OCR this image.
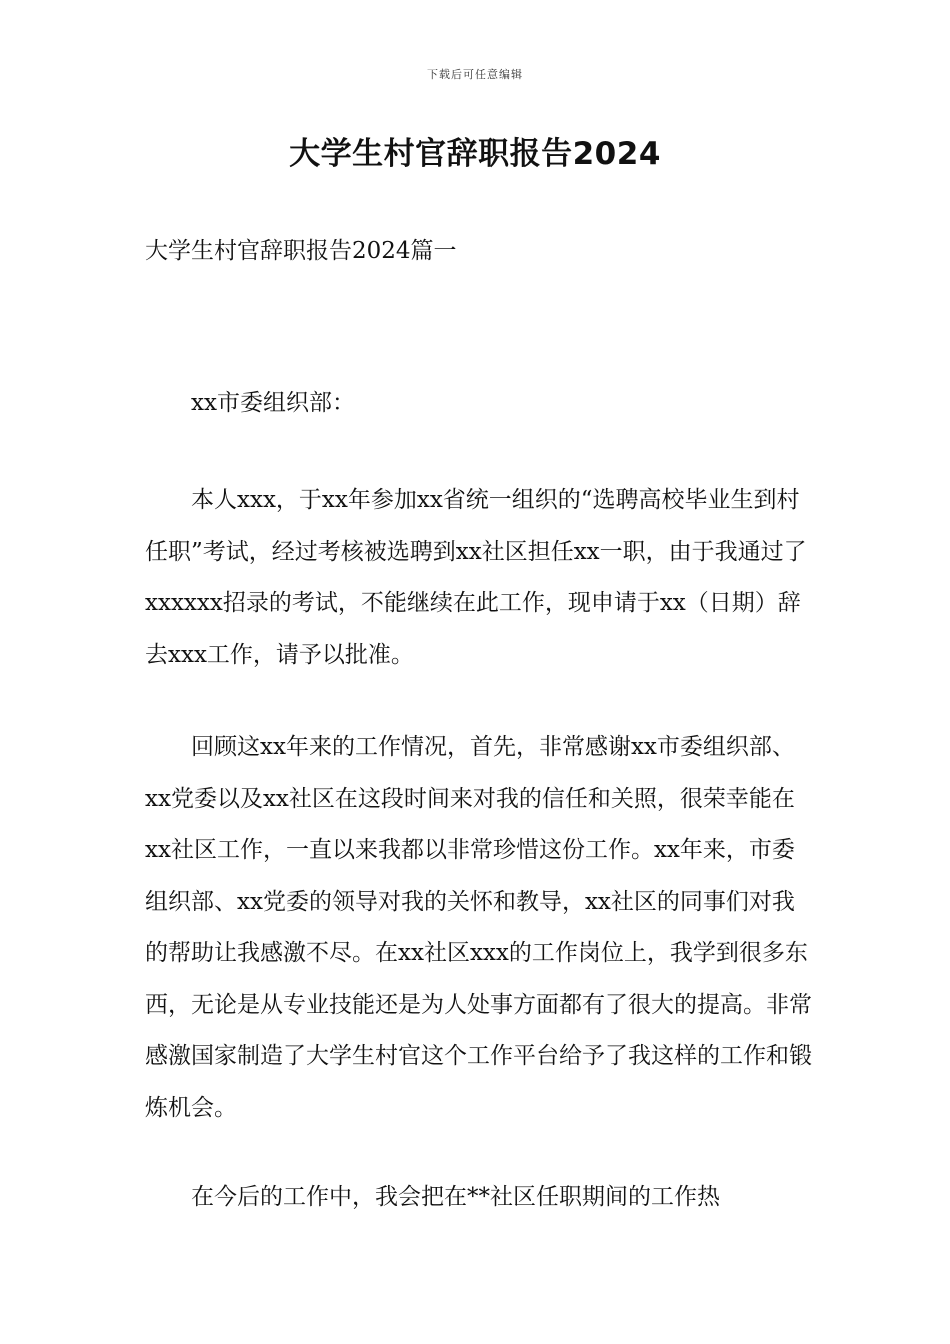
下载后可任意编辑
大学生村官辞职报告2024
大学生村官辞职报告2024篇一

xx市委组织部：

本人xxx，于xx年参加xx省统一组织的“选聘高校毕业生到村任职”考试，经过考核被选聘到xx社区担任xx一职，由于我通过了xxxxxx招录的考试，不能继续在此工作，现申请于xx（日期）辞去xxx工作，请予以批准。

回顾这xx年来的工作情况，首先，非常感谢xx市委组织部、xx党委以及xx社区在这段时间来对我的信任和关照，很荣幸能在xx社区工作，一直以来我都以非常珍惜这份工作。xx年来，市委组织部、xx党委的领导对我的关怀和教导，xx社区的同事们对我的帮助让我感激不尽。在xx社区xxx的工作岗位上，我学到很多东西，无论是从专业技能还是为人处事方面都有了很大的提高。非常感激国家制造了大学生村官这个工作平台给予了我这样的工作和锻炼机会。

在今后的工作中，我会把在**社区任职期间的工作热
